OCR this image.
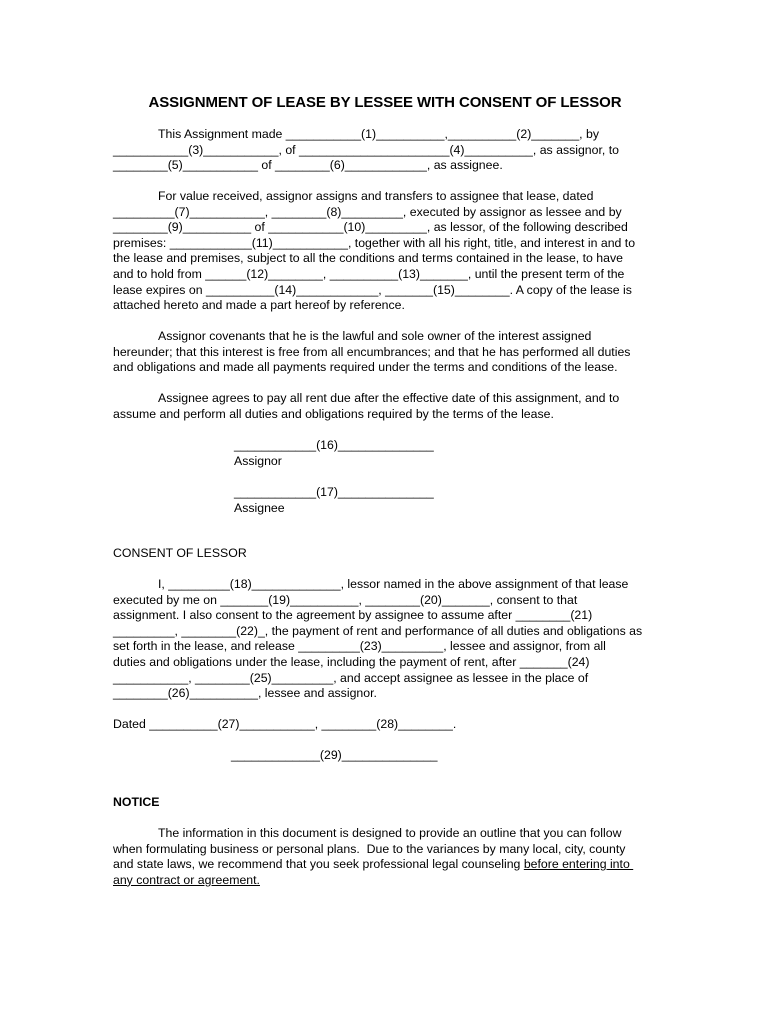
ASSIGNMENT OF LEASE BY LESSEE WITH CONSENT OF LESSOR
This Assignment made ___________(1)__________,__________(2)_______, by
___________(3)___________, of ______________________(4)__________, as assignor, to
________(5)___________ of ________(6)____________, as assignee.
For value received, assignor assigns and transfers to assignee that lease, dated
_________(7)___________, ________(8)_________, executed by assignor as lessee and by
________(9)__________ of ___________(10)_________, as lessor, of the following described
premises: ____________(11)___________, together with all his right, title, and interest in and to
the lease and premises, subject to all the conditions and terms contained in the lease, to have
and to hold from ______(12)________, __________(13)_______, until the present term of the
lease expires on __________(14)____________, _______(15)________. A copy of the lease is
attached hereto and made a part hereof by reference.
Assignor covenants that he is the lawful and sole owner of the interest assigned
hereunder; that this interest is free from all encumbrances; and that he has performed all duties
and obligations and made all payments required under the terms and conditions of the lease.
Assignee agrees to pay all rent due after the effective date of this assignment, and to
assume and perform all duties and obligations required by the terms of the lease.
____________(16)______________
Assignor
____________(17)______________
Assignee
CONSENT OF LESSOR
I, _________(18)_____________, lessor named in the above assignment of that lease
executed by me on _______(19)__________, ________(20)_______, consent to that
assignment. I also consent to the agreement by assignee to assume after ________(21)
_________, ________(22)_, the payment of rent and performance of all duties and obligations as
set forth in the lease, and release _________(23)_________, lessee and assignor, from all
duties and obligations under the lease, including the payment of rent, after _______(24)
___________, ________(25)_________, and accept assignee as lessee in the place of
________(26)__________, lessee and assignor.
Dated __________(27)___________, ________(28)________.
_____________(29)______________
NOTICE
The information in this document is designed to provide an outline that you can follow
when formulating business or personal plans.  Due to the variances by many local, city, county
and state laws, we recommend that you seek professional legal counseling before entering into
any contract or agreement.
